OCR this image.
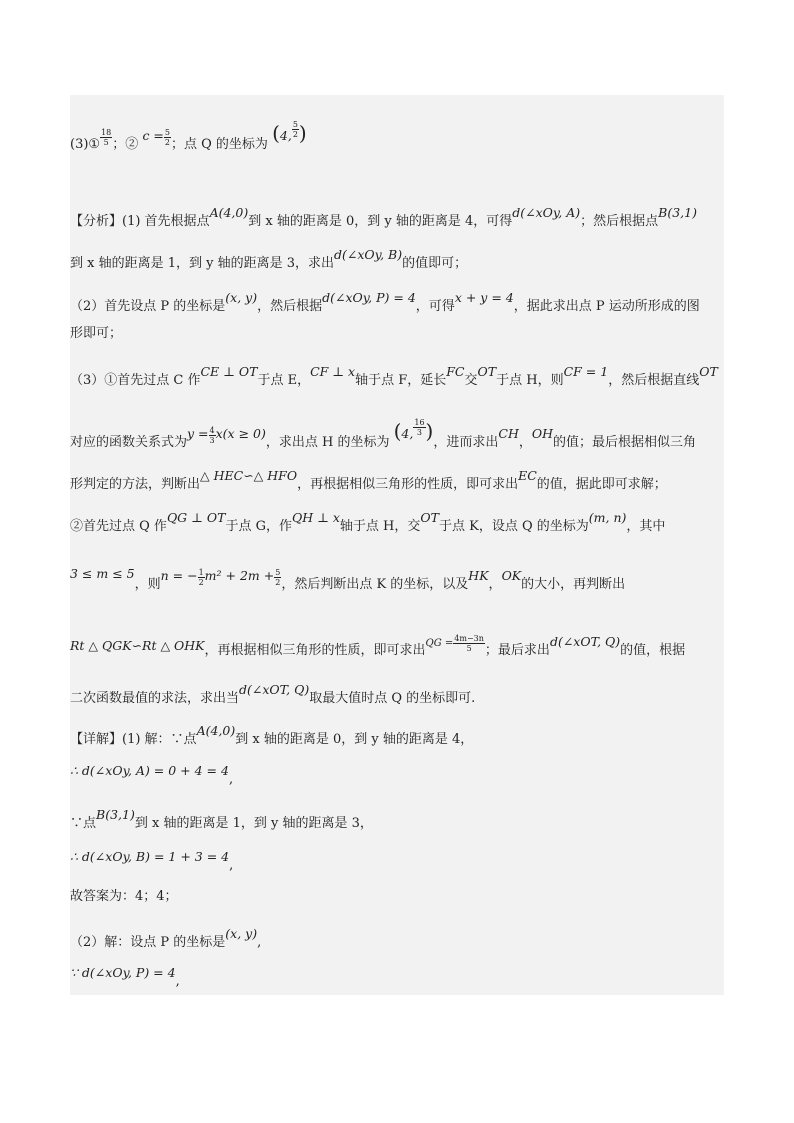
(3)① $\frac{18}{5}$ ；② $c = \frac{5}{2}$ ；点 Q 的坐标为 (4, $\frac{5}{2}$ )
【分析】(1) 首先根据点A(4,0)到 x 轴的距离是 0，到 y 轴的距离是 4，可得d(∠xOy, A)；然后根据点B(3,1)
到 x 轴的距离是 1，到 y 轴的距离是 3，求出d(∠xOy, B)的值即可；
（2）首先设点 P 的坐标是(x, y)，然后根据d(∠xOy, P) = 4，可得x + y = 4，据此求出点 P 运动所形成的图
形即可；
（3）①首先过点 C 作CE ⊥ OT于点 E，CF ⊥ x轴于点 F，延长FC交OT于点 H，则CF = 1，然后根据直线OT
对应的函数关系式为$y = \frac{4}{3} x(x \ge 0)$，求出点 H 的坐标为 (4, $\frac{16}{3}$ )，进而求出CH，OH的值；最后根据相似三角
形判定的方法，判断出△ HEC∽△ HFO，再根据相似三角形的性质，即可求出EC的值，据此即可求解；
②首先过点 Q 作QG ⊥ OT于点 G，作QH ⊥ x轴于点 H，交OT于点 K，设点 Q 的坐标为(m, n)，其中
3 ≤ m ≤ 5，则n = − $\frac{1}{2} m^2 + 2m + \frac{5}{2}$ ，然后判断出点 K 的坐标，以及HK，OK的大小，再判断出
Rt △ QGK∽Rt △ OHK，再根据相似三角形的性质，即可求出$^{QG =} \frac{4m-3n}{5}$ ；最后求出d(∠xOT, Q)的值，根据
二次函数最值的求法，求出当d(∠xOT, Q)取最大值时点 Q 的坐标即可.
【详解】(1) 解：∵点A(4,0)到 x 轴的距离是 0，到 y 轴的距离是 4，
∴ d(∠xOy, A) = 0 + 4 = 4,
∵点B(3,1)到 x 轴的距离是 1，到 y 轴的距离是 3，
∴ d(∠xOy, B) = 1 + 3 = 4,
故答案为：4；4；
（2）解：设点 P 的坐标是(x, y),
∵ d(∠xOy, P) = 4,
